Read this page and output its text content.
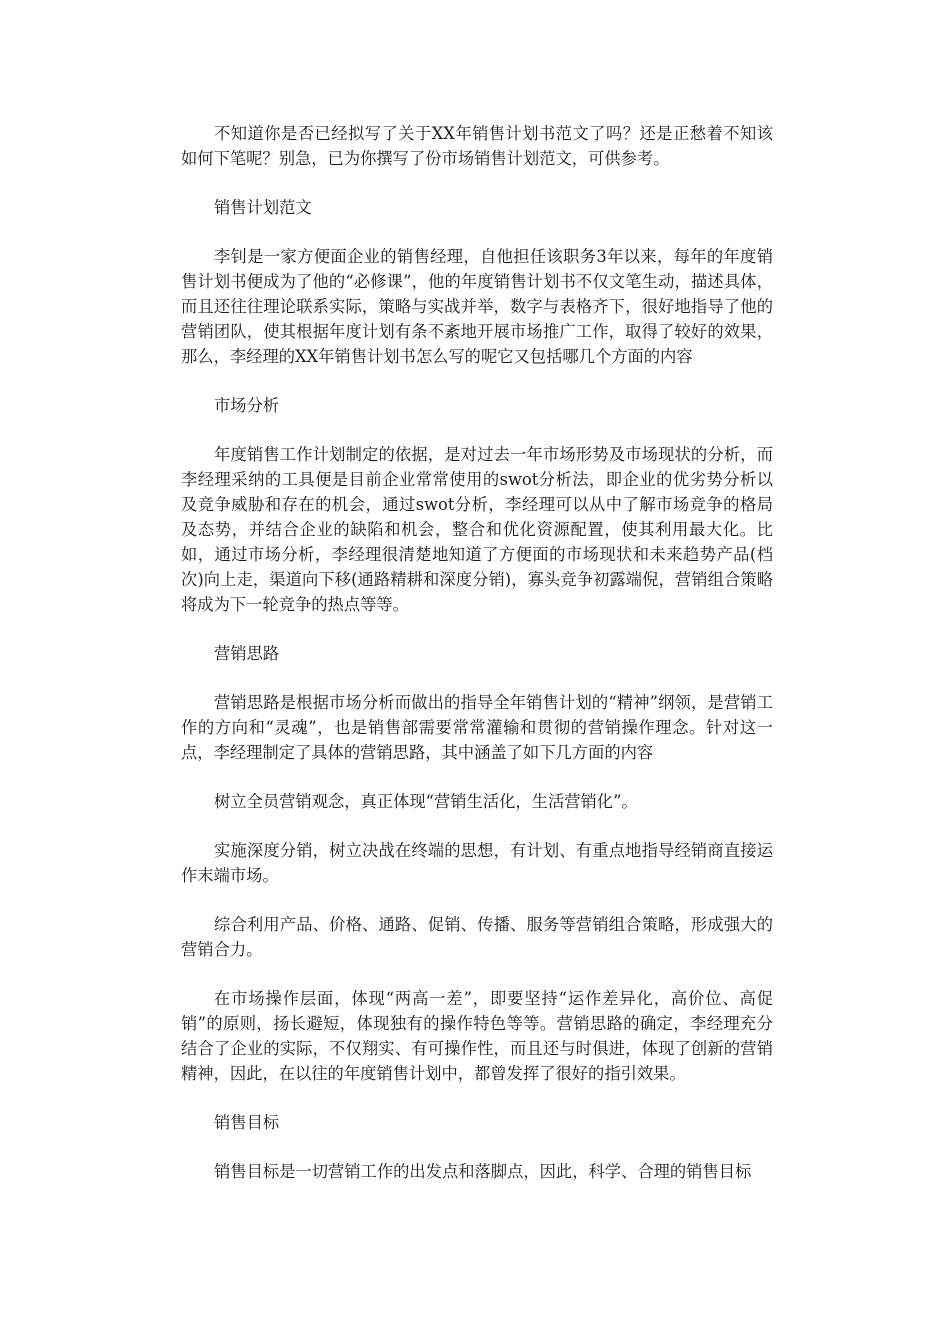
不知道你是否已经拟写了关于XX年销售计划书范文了吗？还是正愁着不知该如何下笔呢？别急，已为你撰写了份市场销售计划范文，可供参考。

销售计划范文

李钊是一家方便面企业的销售经理，自他担任该职务3年以来，每年的年度销售计划书便成为了他的“必修课”，他的年度销售计划书不仅文笔生动，描述具体，而且还往往理论联系实际，策略与实战并举，数字与表格齐下，很好地指导了他的营销团队，使其根据年度计划有条不紊地开展市场推广工作，取得了较好的效果，那么，李经理的XX年销售计划书怎么写的呢它又包括哪几个方面的内容

市场分析

年度销售工作计划制定的依据，是对过去一年市场形势及市场现状的分析，而李经理采纳的工具便是目前企业常常使用的swot分析法，即企业的优劣势分析以及竞争威胁和存在的机会，通过swot分析，李经理可以从中了解市场竞争的格局及态势，并结合企业的缺陷和机会，整合和优化资源配置，使其利用最大化。比如，通过市场分析，李经理很清楚地知道了方便面的市场现状和未来趋势产品(档次)向上走，渠道向下移(通路精耕和深度分销)，寡头竞争初露端倪，营销组合策略将成为下一轮竞争的热点等等。

营销思路

营销思路是根据市场分析而做出的指导全年销售计划的“精神”纲领，是营销工作的方向和“灵魂”，也是销售部需要常常灌输和贯彻的营销操作理念。针对这一点，李经理制定了具体的营销思路，其中涵盖了如下几方面的内容

树立全员营销观念，真正体现“营销生活化，生活营销化”。

实施深度分销，树立决战在终端的思想，有计划、有重点地指导经销商直接运作末端市场。

综合利用产品、价格、通路、促销、传播、服务等营销组合策略，形成强大的营销合力。

在市场操作层面，体现“两高一差”，即要坚持“运作差异化，高价位、高促销”的原则，扬长避短，体现独有的操作特色等等。营销思路的确定，李经理充分结合了企业的实际，不仅翔实、有可操作性，而且还与时俱进，体现了创新的营销精神，因此，在以往的年度销售计划中，都曾发挥了很好的指引效果。

销售目标

销售目标是一切营销工作的出发点和落脚点，因此，科学、合理的销售目标
